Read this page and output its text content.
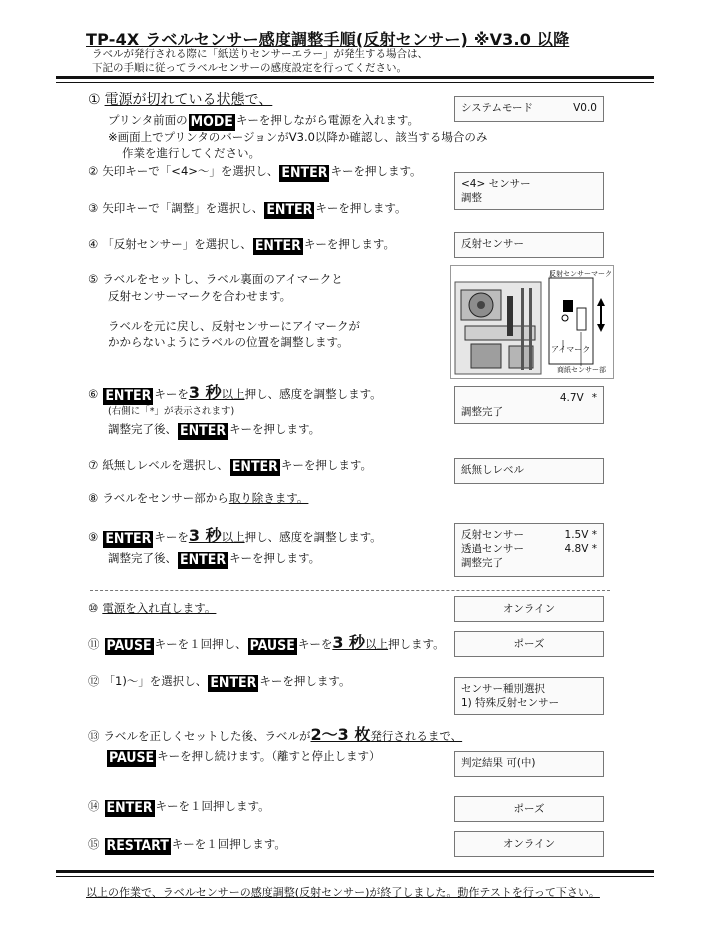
TP-4X ラベルセンサー感度調整手順(反射センサー) ※V3.0 以降
ラベルが発行される際に「紙送りセンサーエラー」が発生する場合は、
下記の手順に従ってラベルセンサーの感度設定を行ってください。
① 電源が切れている状態で、
プリンタ前面の MODE キーを押しながら電源を入れます。
※画面上でプリンタのバージョンがV3.0以降か確認し、該当する場合のみ
作業を進行してください。
② 矢印キーで「<4>～」を選択し、 ENTER キーを押します。
③ 矢印キーで「調整」を選択し、 ENTER キーを押します。
④ 「反射センサー」を選択し、 ENTER キーを押します。
⑤ ラベルをセットし、ラベル裏面のアイマークと
反射センサーマークを合わせます。
ラベルを元に戻し、反射センサーにアイマークが
かからないようにラベルの位置を調整します。
⑥ ENTER キーを3 秒以上押し、感度を調整します。
(右側に「*」が表示されます)
調整完了後、 ENTER キーを押します。
⑦ 紙無しレベルを選択し、 ENTER キーを押します。
⑧ ラベルをセンサー部から取り除きます。
⑨ ENTER キーを3 秒以上押し、感度を調整します。
調整完了後、 ENTER キーを押します。
⑩ 電源を入れ直します。
⑪ PAUSE キーを１回押し、 PAUSE キーを3 秒以上押します。
⑫ 「1)～」を選択し、 ENTER キーを押します。
⑬ ラベルを正しくセットした後、ラベルが2～3 枚発行されるまで、
PAUSE キーを押し続けます。（離すと停止します）
⑭ ENTER キーを１回押します。
⑮ RESTART キーを１回押します。
システムモード	V0.0
<4> センサー
調整
反射センサー
反射センサーマーク
アイマーク
商紙センサー部
4.7V *
調整完了
紙無しレベル
反射センサー	1.5V *
透過センサー	4.8V *
調整完了
オンライン
ポーズ
センサー種別選択
1) 特殊反射センサー
判定結果 可(中)
ポーズ
オンライン
以上の作業で、ラベルセンサーの感度調整(反射センサー)が終了しました。動作テストを行って下さい。
